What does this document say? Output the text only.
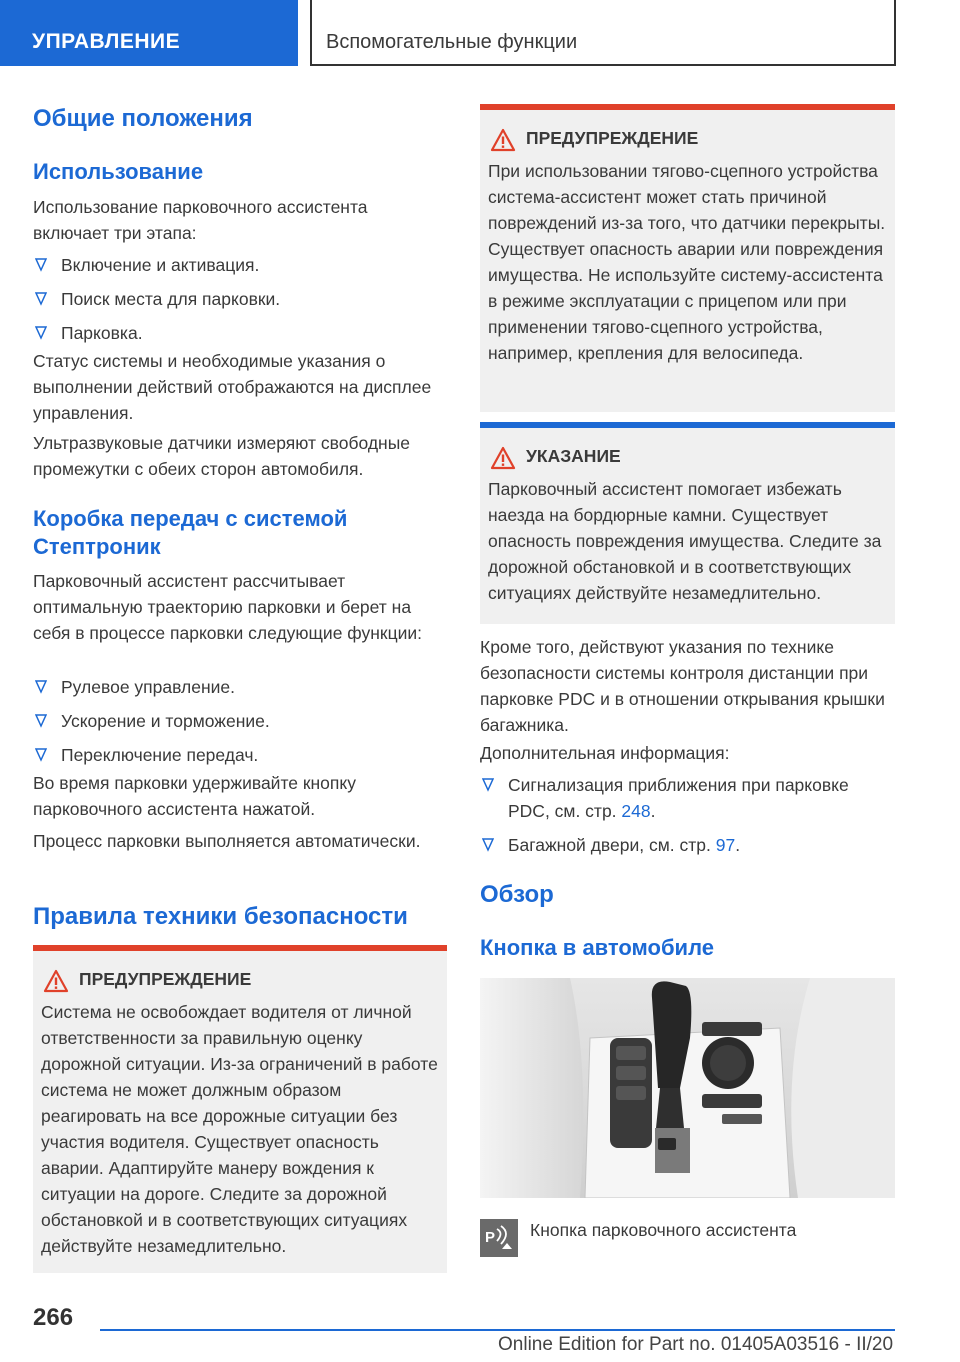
УПРАВЛЕНИЕ	Вспомогательные функции
Общие положения
Использование

Использование парковочного ассистента включает три этапа:

Включение и активация.
Поиск места для парковки.
Парковка.

Статус системы и необходимые указания о выполнении действий отображаются на дисплее управления.

Ультразвуковые датчики измеряют свободные промежутки с обеих сторон автомобиля.

Коробка передач с системой Стептроник

Парковочный ассистент рассчитывает оптимальную траекторию парковки и берет на себя в процессе парковки следующие функции:

Рулевое управление.
Ускорение и торможение.
Переключение передач.

Во время парковки удерживайте кнопку парковочного ассистента нажатой.

Процесс парковки выполняется автоматически.

Правила техники безопасности
ПРЕДУПРЕЖДЕНИЕ

Система не освобождает водителя от личной ответственности за правильную оценку дорожной ситуации. Из-за ограничений в работе система не может должным образом реагировать на все дорожные ситуации без участия водителя. Существует опасность аварии. Адаптируйте манеру вождения к ситуации на дороге. Следите за дорожной обстановкой и в соответствующих ситуациях действуйте незамедлительно.

ПРЕДУПРЕЖДЕНИЕ

При использовании тягово-сцепного устройства система-ассистент может стать причиной повреждений из-за того, что датчики перекрыты. Существует опасность аварии или повреждения имущества. Не используйте систему-ассистента в режиме эксплуатации с прицепом или при применении тягово-сцепного устройства, например, крепления для велосипеда.

УКАЗАНИЕ

Парковочный ассистент помогает избежать наезда на бордюрные камни. Существует опасность повреждения имущества. Следите за дорожной обстановкой и в соответствующих ситуациях действуйте незамедлительно.

Кроме того, действуют указания по технике безопасности системы контроля дистанции при парковке PDC и в отношении открывания крышки багажника.

Дополнительная информация:

Сигнализация приближения при парковке PDC, см. стр. 248.
Багажной двери, см. стр. 97.
Обзор
Кнопка в автомобиле
P Кнопка парковочного ассистента
266
Online Edition for Part no. 01405A03516 - II/20
